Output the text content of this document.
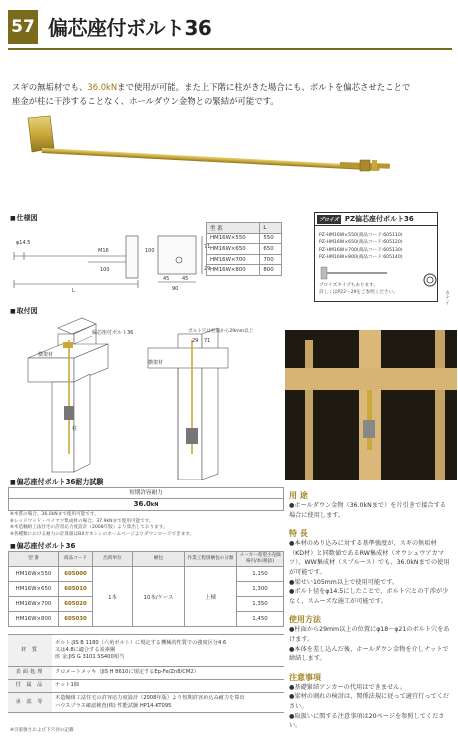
57 偏芯座付ボルト36
スギの無垢材でも、36.0kNまで使用が可能。また上下階に柱がきた場合にも、ボルトを偏芯させたことで
座金が柱に干渉することなく、ホールダウン金物との緊結が可能です。
■ 仕様図
φ14.5
M16
100
L
45	45
90
100
71
29
型 番	L
HM16W×550	550
HM16W×650	650
HM16W×700	700
HM16W×800	800
プロイズ PZ偏芯座付ボルト36
PZ-HM16W×550(商品コード:605110)
PZ-HM16W×650(商品コード:605120)
PZ-HM16W×700(商品コード:605130)
PZ-HM16W×800(商品コード:605140)
プロイズタイプもあります。
詳しくはP22～29をご参照ください。	カナイ
■ 取付図
偏芯座付ボルト36
横架材
柱
ボルト穴は柱面から29mm以上
29 71
横架材
用 途
●ホールダウン金物（36.0kNまで）を片引きで接合する場合に使用します。
特 長
●本材のめり込みに対する基準強度が、スギの無垢材（KD材）と同数値であるRW集成材（オウシュウアカマツ）、WW集成材（スプルース）でも、36.0kNまでの使用が可能です。
●梁せい105mm以上で使用可能です。
●ボルト径をφ14.5にしたことで、ボルト穴との干渉が少なく、スムーズな施工が可能です。
使用方法
●柱面から29mm以上の位置にφ18～φ21のボルト穴をあけます。
●本体を差し込んだ後、ホールダウン金物を介しナットで締結します。
注意事項
●基礎緊結アンカーの代用はできません。
●梁材の割れの検討は、関係法規に従って適宜行ってください。
●取扱いに関する注意事項は20ページを参照してください。
■ 偏芯座付ボルト36耐力試験
短期許容耐力
36.0kN
※木質の場合、36.0kNまで使用可能です。
※レッドウッド・ベイマツ集成材の場合、37.9kNまで使用可能です。
※木造軸組工法住宅の許容応力度設計（2008年版）より算出しております。
※各種類における耐力の計算値はBXカネシンのホームページよりダウンロードできます。
■ 偏芯座付ボルト36
型 番	商品コード	出荷単位	梱包	作業工程別梱包の分類	メーカー希望小売価格円/本(税抜)
HM16W×550	605000	1本	10本/ケース	上棟	1,150
HM16W×650	605010				1,300
HM16W×700	605020				1,350
HM16W×800	605030				1,450
材 質	ボルト:JIS B 1180（六角ボルト）に規定する機械的性質での強度区分4.6
又は4.8に適合する炭素鋼
座 金:JIS G 3101 SS400相当
表面処理	クロメートメッキ（JIS H 8610に規定するEp-Fe/Zn8/CM2）
付 属 品	ナット1個
承 認 等	木造軸組工法住宅の許容応力度設計（2008年版）より短期許容め込み耐力を算出
ハウスプラス確認検査(株) 性能試験 HP14-KT095
※引張強さおよび下穴径の記載
